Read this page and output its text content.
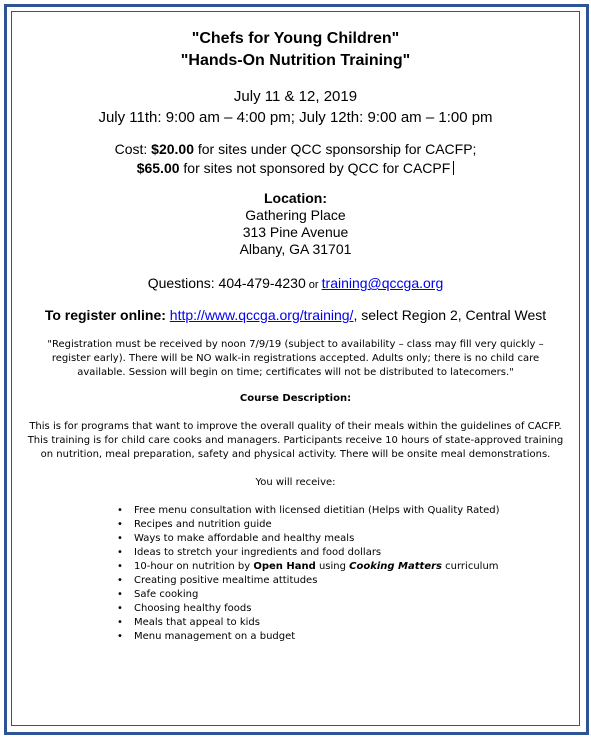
"Chefs for Young Children"
"Hands-On Nutrition Training"
July 11 & 12, 2019
July 11th: 9:00 am – 4:00 pm; July 12th: 9:00 am – 1:00 pm
Cost: $20.00 for sites under QCC sponsorship for CACFP;
$65.00 for sites not sponsored by QCC for CACPF
Location:
Gathering Place
313 Pine Avenue
Albany, GA 31701
Questions: 404-479-4230 or training@qccga.org
To register online: http://www.qccga.org/training/, select Region 2, Central West
"Registration must be received by noon 7/9/19 (subject to availability – class may fill very quickly – register early). There will be NO walk-in registrations accepted. Adults only; there is no child care available. Session will begin on time; certificates will not be distributed to latecomers."
Course Description:
This is for programs that want to improve the overall quality of their meals within the guidelines of CACFP. This training is for child care cooks and managers. Participants receive 10 hours of state-approved training on nutrition, meal preparation, safety and physical activity. There will be onsite meal demonstrations.
You will receive:
• Free menu consultation with licensed dietitian (Helps with Quality Rated)
• Recipes and nutrition guide
• Ways to make affordable and healthy meals
• Ideas to stretch your ingredients and food dollars
• 10-hour on nutrition by Open Hand using Cooking Matters curriculum
• Creating positive mealtime attitudes
• Safe cooking
• Choosing healthy foods
• Meals that appeal to kids
• Menu management on a budget
